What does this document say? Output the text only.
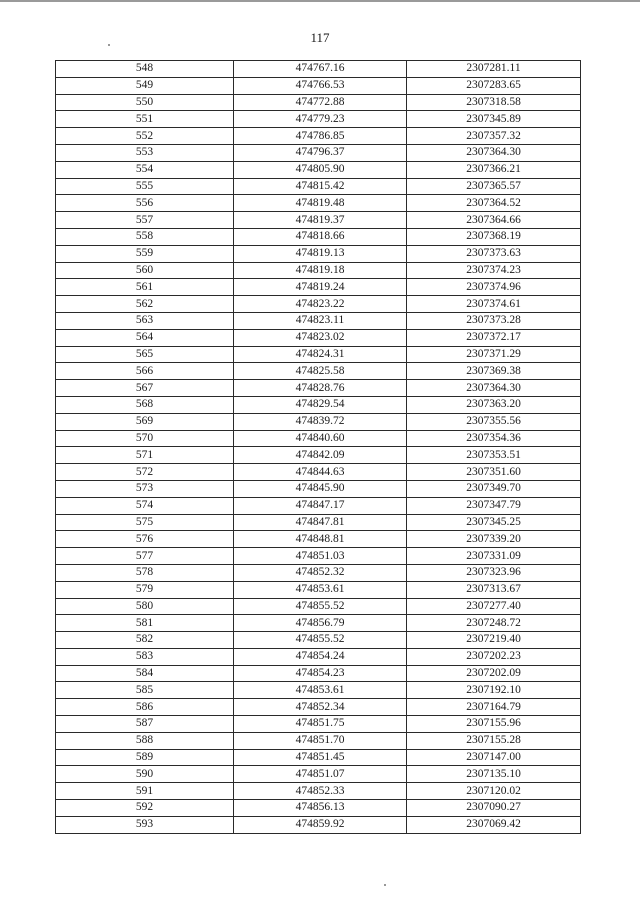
117
548	474767.16	2307281.11
549	474766.53	2307283.65
550	474772.88	2307318.58
551	474779.23	2307345.89
552	474786.85	2307357.32
553	474796.37	2307364.30
554	474805.90	2307366.21
555	474815.42	2307365.57
556	474819.48	2307364.52
557	474819.37	2307364.66
558	474818.66	2307368.19
559	474819.13	2307373.63
560	474819.18	2307374.23
561	474819.24	2307374.96
562	474823.22	2307374.61
563	474823.11	2307373.28
564	474823.02	2307372.17
565	474824.31	2307371.29
566	474825.58	2307369.38
567	474828.76	2307364.30
568	474829.54	2307363.20
569	474839.72	2307355.56
570	474840.60	2307354.36
571	474842.09	2307353.51
572	474844.63	2307351.60
573	474845.90	2307349.70
574	474847.17	2307347.79
575	474847.81	2307345.25
576	474848.81	2307339.20
577	474851.03	2307331.09
578	474852.32	2307323.96
579	474853.61	2307313.67
580	474855.52	2307277.40
581	474856.79	2307248.72
582	474855.52	2307219.40
583	474854.24	2307202.23
584	474854.23	2307202.09
585	474853.61	2307192.10
586	474852.34	2307164.79
587	474851.75	2307155.96
588	474851.70	2307155.28
589	474851.45	2307147.00
590	474851.07	2307135.10
591	474852.33	2307120.02
592	474856.13	2307090.27
593	474859.92	2307069.42
